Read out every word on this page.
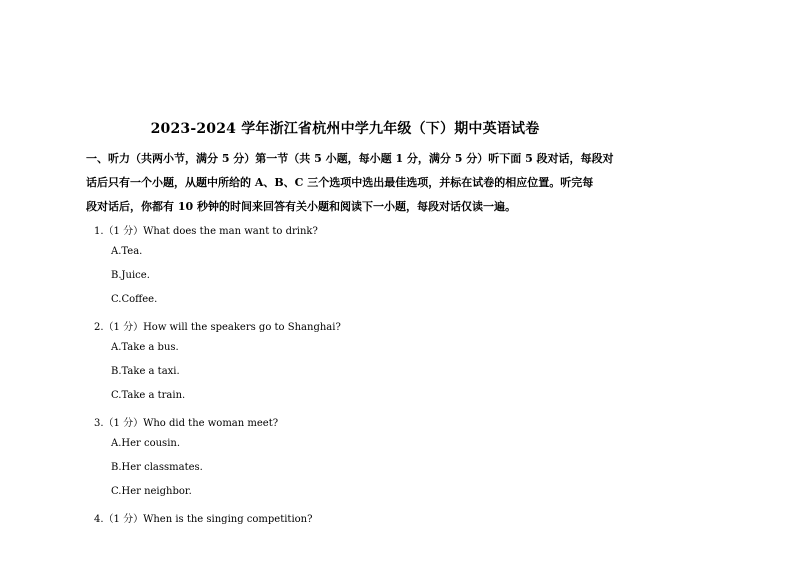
2023-2024 学年浙江省杭州中学九年级（下）期中英语试卷
一、听力（共两小节，满分 5 分）第一节（共 5 小题，每小题 1 分，满分 5 分）听下面 5 段对话，每段对
话后只有一个小题，从题中所给的 A、B、C 三个选项中选出最佳选项，并标在试卷的相应位置。听完每
段对话后，你都有 10 秒钟的时间来回答有关小题和阅读下一小题，每段对话仅读一遍。
1.（1 分）What does the man want to drink?
A.Tea.
B.Juice.
C.Coffee.
2.（1 分）How will the speakers go to Shanghai?
A.Take a bus.
B.Take a taxi.
C.Take a train.
3.（1 分）Who did the woman meet?
A.Her cousin.
B.Her classmates.
C.Her neighbor.
4.（1 分）When is the singing competition?
